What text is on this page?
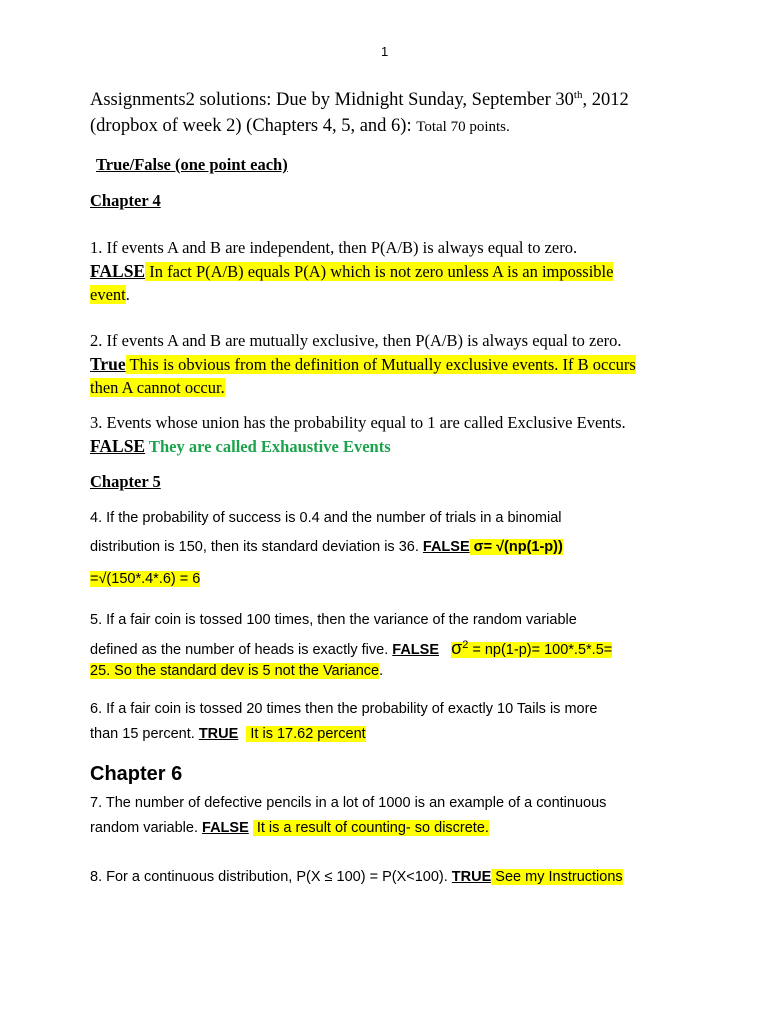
1
Assignments2 solutions: Due by Midnight Sunday, September 30th, 2012
(dropbox of week 2) (Chapters 4, 5, and 6): Total 70 points.
True/False (one point each)
Chapter 4
1. If events A and B are independent, then P(A/B) is always equal to zero.
FALSE In fact P(A/B) equals P(A) which is not zero unless A is an impossible
event.
2. If events A and B are mutually exclusive, then P(A/B) is always equal to zero.
True This is obvious from the definition of Mutually exclusive events. If B occurs
then A cannot occur.
3. Events whose union has the probability equal to 1 are called Exclusive Events.
FALSE They are called Exhaustive Events
Chapter 5
4. If the probability of success is 0.4 and the number of trials in a binomial
distribution is 150, then its standard deviation is 36. FALSE σ= √(np(1-p))
=√(150*.4*.6) = 6
5. If a fair coin is tossed 100 times, then the variance of the random variable
defined as the number of heads is exactly five. FALSE $\sigma^2 = np(1-p)= 100*.5*.5=$
25. So the standard dev is 5 not the Variance.
6. If a fair coin is tossed 20 times then the probability of exactly 10 Tails is more
than 15 percent. TRUE   It is 17.62 percent
Chapter 6
7. The number of defective pencils in a lot of 1000 is an example of a continuous
random variable. FALSE  It is a result of counting- so discrete.
8. For a continuous distribution, P(X ≤ 100) = P(X<100). TRUE See my Instructions
